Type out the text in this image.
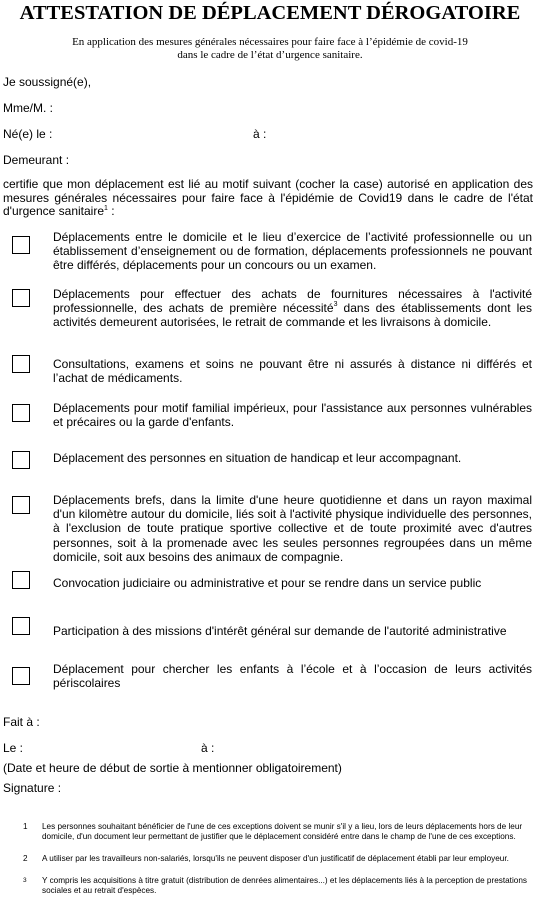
ATTESTATION DE DÉPLACEMENT DÉROGATOIRE
En application des mesures générales nécessaires pour faire face à l’épidémie de covid-19
dans le cadre de l’état d’urgence sanitaire.
Je soussigné(e),
Mme/M. :
Né(e) le :	à :
Demeurant :
certifie que mon déplacement est lié au motif suivant (cocher la case) autorisé en application des mesures générales nécessaires pour faire face à l'épidémie de Covid19 dans le cadre de l'état d'urgence sanitaire$^1$ :
Déplacements entre le domicile et le lieu d’exercice de l’activité professionnelle ou un établissement d’enseignement ou de formation, déplacements professionnels ne pouvant être différés, déplacements pour un concours ou un examen.
Déplacements pour effectuer des achats de fournitures nécessaires à l'activité professionnelle, des achats de première nécessité$^3$ dans des établissements dont les activités demeurent autorisées, le retrait de commande et les livraisons à domicile.
Consultations, examens et soins ne pouvant être ni assurés à distance ni différés et l’achat de médicaments.
Déplacements pour motif familial impérieux, pour l'assistance aux personnes vulnérables et précaires ou la garde d'enfants.
Déplacement des personnes en situation de handicap et leur accompagnant.
Déplacements brefs, dans la limite d'une heure quotidienne et dans un rayon maximal d'un kilomètre autour du domicile, liés soit à l'activité physique individuelle des personnes, à l'exclusion de toute pratique sportive collective et de toute proximité avec d'autres personnes, soit à la promenade avec les seules personnes regroupées dans un même domicile, soit aux besoins des animaux de compagnie.
Convocation judiciaire ou administrative et pour se rendre dans un service public
Participation à des missions d'intérêt général sur demande de l'autorité administrative
Déplacement pour chercher les enfants à l’école et à l’occasion de leurs activités périscolaires
Fait à :
Le :	à :
(Date et heure de début de sortie à mentionner obligatoirement)
Signature :
1	Les personnes souhaitant bénéficier de l'une de ces exceptions doivent se munir s'il y a lieu, lors de leurs déplacements hors de leur domicile, d'un document leur permettant de justifier que le déplacement considéré entre dans le champ de l'une de ces exceptions.
2	A utiliser par les travailleurs non-salariés, lorsqu'ils ne peuvent disposer d'un justificatif de déplacement établi par leur employeur.
3	Y compris les acquisitions à titre gratuit (distribution de denrées alimentaires...) et les déplacements liés à la perception de prestations sociales et au retrait d'espèces.
